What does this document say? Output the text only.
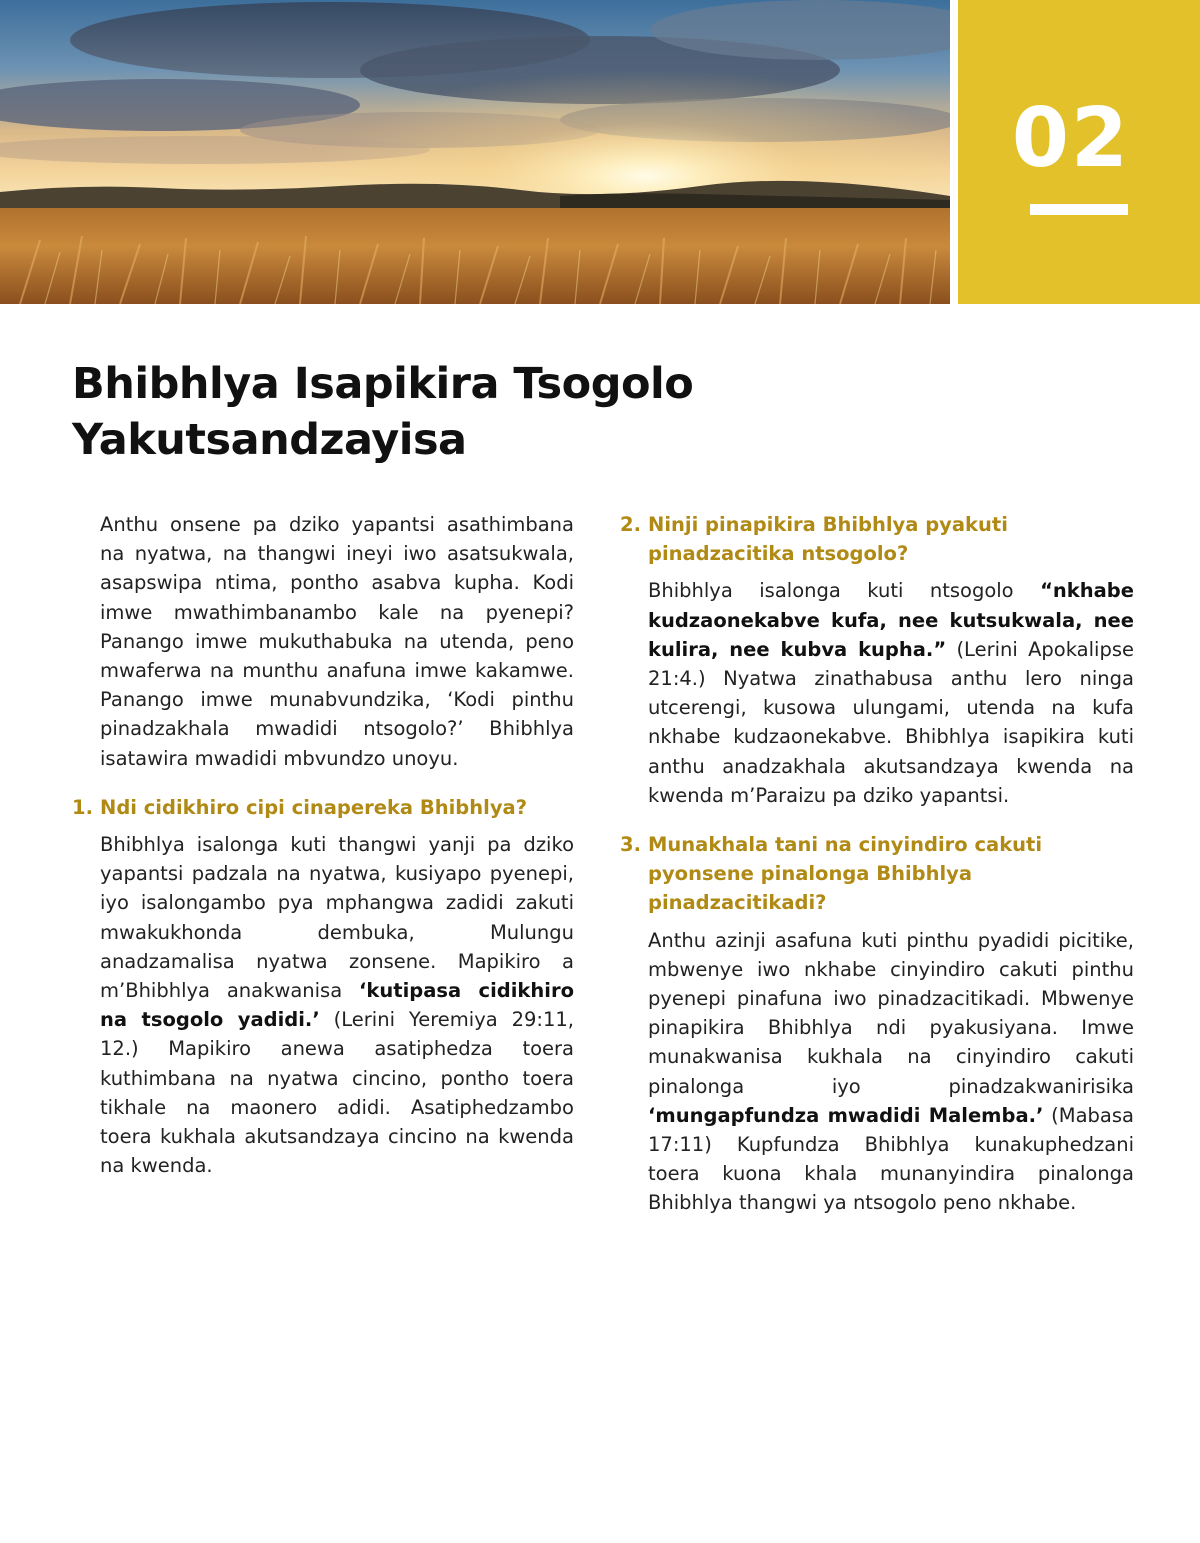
02
Bhibhlya Isapikira Tsogolo
Yakutsandzayisa

Anthu onsene pa dziko yapantsi asathimbana na nyatwa, na thangwi ineyi iwo asatsukwala, asapswipa ntima, pontho asabva kupha. Kodi imwe mwathimbanambo kale na pyenepi? Panango imwe mukuthabuka na utenda, peno mwaferwa na munthu anafuna imwe kakamwe. Panango imwe munabvundzika, ‘Kodi pinthu pinadzakhala mwadidi ntsogolo?’ Bhibhlya isatawira mwadidi mbvundzo unoyu.

1. Ndi cidikhiro cipi cinapereka Bhibhlya?

Bhibhlya isalonga kuti thangwi yanji pa dziko yapantsi padzala na nyatwa, kusiyapo pyenepi, iyo isalongambo pya mphangwa zadidi zakuti mwakukhonda dembuka, Mulungu anadzamalisa nyatwa zonsene. Mapikiro a m’Bhibhlya anakwanisa ‘kutipasa cidikhiro na tsogolo yadidi.’ (Lerini Yeremiya 29:11, 12.) Mapikiro anewa asatiphedza toera kuthimbana na nyatwa cincino, pontho toera tikhale na maonero adidi. Asatiphedzambo toera kukhala akutsandzaya cincino na kwenda na kwenda.

2. Ninji pinapikira Bhibhlya pyakuti pinadzacitika ntsogolo?

Bhibhlya isalonga kuti ntsogolo “nkhabe kudzaonekabve kufa, nee kutsukwala, nee kulira, nee kubva kupha.” (Lerini Apokalipse 21:4.) Nyatwa zinathabusa anthu lero ninga utcerengi, kusowa ulungami, utenda na kufa nkhabe kudzaonekabve. Bhibhlya isapikira kuti anthu anadzakhala akutsandzaya kwenda na kwenda m’Paraizu pa dziko yapantsi.

3. Munakhala tani na cinyindiro cakuti pyonsene pinalonga Bhibhlya pinadzacitikadi?

Anthu azinji asafuna kuti pinthu pyadidi picitike, mbwenye iwo nkhabe cinyindiro cakuti pinthu pyenepi pinafuna iwo pinadzacitikadi. Mbwenye pinapikira Bhibhlya ndi pyakusiyana. Imwe munakwanisa kukhala na cinyindiro cakuti pinalonga iyo pinadzakwanirisika ‘mungapfundza mwadidi Malemba.’ (Mabasa 17:11) Kupfundza Bhibhlya kunakuphedzani toera kuona khala munanyindira pinalonga Bhibhlya thangwi ya ntsogolo peno nkhabe.
